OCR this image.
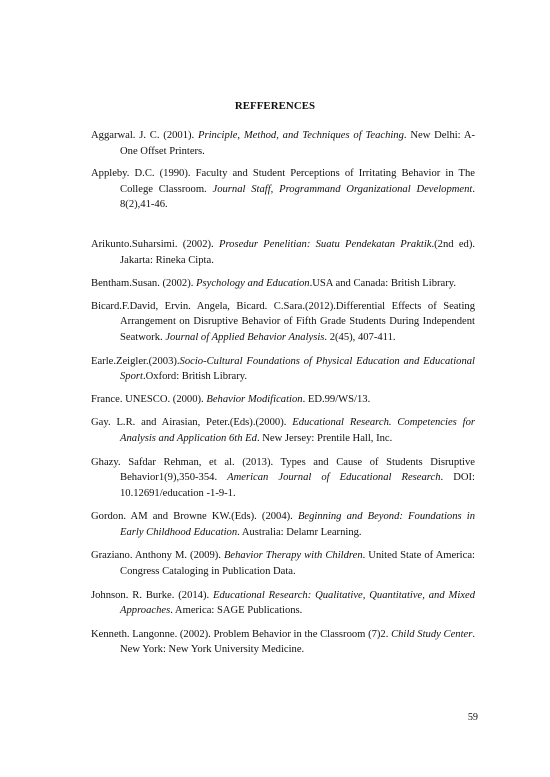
REFFERENCES

Aggarwal. J. C. (2001). Principle, Method, and Techniques of Teaching. New Delhi: A-One Offset Printers.

Appleby. D.C. (1990). Faculty and Student Perceptions of Irritating Behavior in The College Classroom. Journal Staff, Programmand Organizational Development. 8(2),41-46.

Arikunto.Suharsimi. (2002). Prosedur Penelitian: Suatu Pendekatan Praktik.(2nd ed). Jakarta: Rineka Cipta.

Bentham.Susan. (2002). Psychology and Education.USA and Canada: British Library.

Bicard.F.David, Ervin. Angela, Bicard. C.Sara.(2012).Differential Effects of Seating Arrangement on Disruptive Behavior of Fifth Grade Students During Independent Seatwork. Journal of Applied Behavior Analysis. 2(45), 407-411.

Earle.Zeigler.(2003).Socio-Cultural Foundations of Physical Education and Educational Sport.Oxford: British Library.

France. UNESCO. (2000). Behavior Modification. ED.99/WS/13.

Gay. L.R. and Airasian, Peter.(Eds).(2000). Educational Research. Competencies for Analysis and Application 6th Ed. New Jersey: Prentile Hall, Inc.

Ghazy. Safdar Rehman, et al. (2013). Types and Cause of Students Disruptive Behavior1(9),350-354. American Journal of Educational Research. DOI: 10.12691/education -1-9-1.

Gordon. AM and Browne KW.(Eds). (2004). Beginning and Beyond: Foundations in Early Childhood Education. Australia: Delamr Learning.

Graziano. Anthony M. (2009). Behavior Therapy with Children. United State of America: Congress Cataloging in Publication Data.

Johnson. R. Burke. (2014). Educational Research: Qualitative, Quantitative, and Mixed Approaches. America: SAGE Publications.

Kenneth. Langonne. (2002). Problem Behavior in the Classroom (7)2. Child Study Center. New York: New York University Medicine.

59
